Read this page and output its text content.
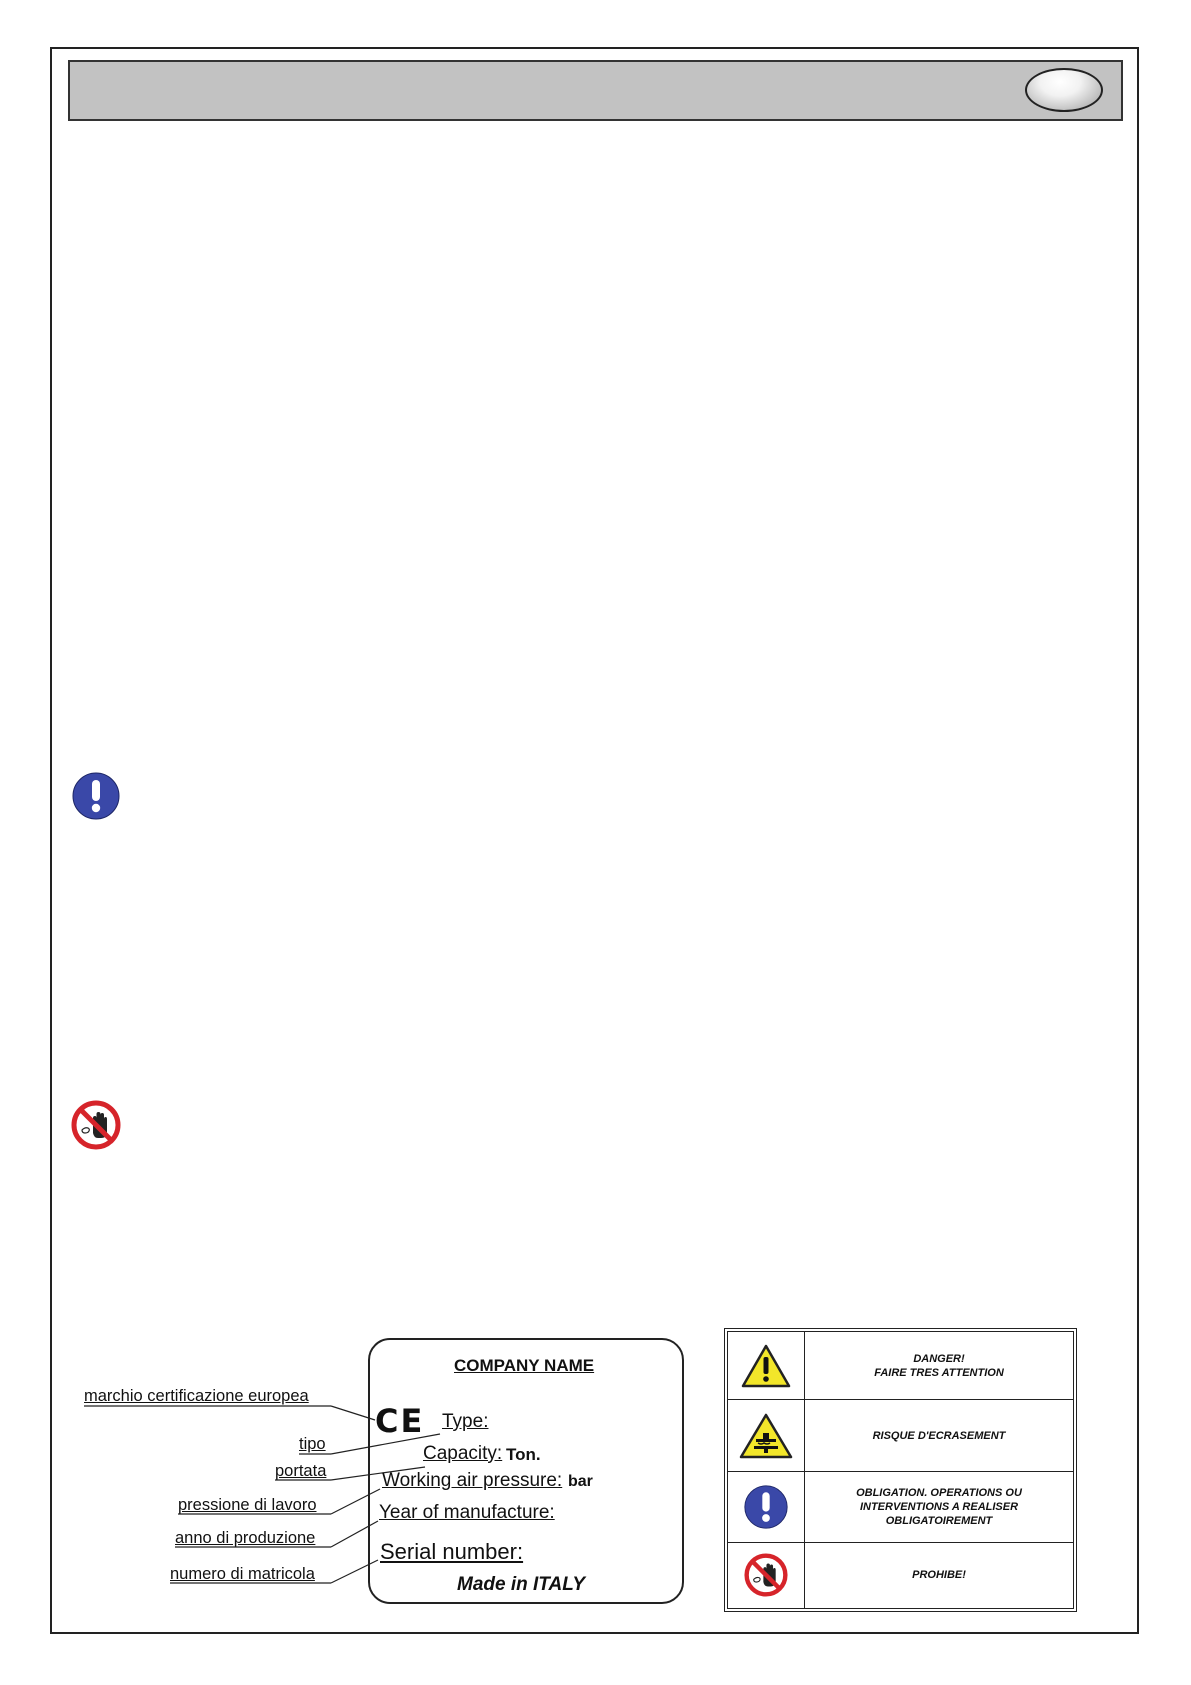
marchio certificazione europea
tipo
portata
pressione di lavoro
anno di produzione
numero di matricola
COMPANY NAME
CE Type:
Capacity: Ton.
Working air pressure: bar
Year of manufacture:
Serial number:
Made in ITALY

DANGER!
FAIRE TRES ATTENTION

RISQUE D'ECRASEMENT

OBLIGATION. OPERATIONS OU
INTERVENTIONS A REALISER
OBLIGATOIREMENT

PROHIBE!
